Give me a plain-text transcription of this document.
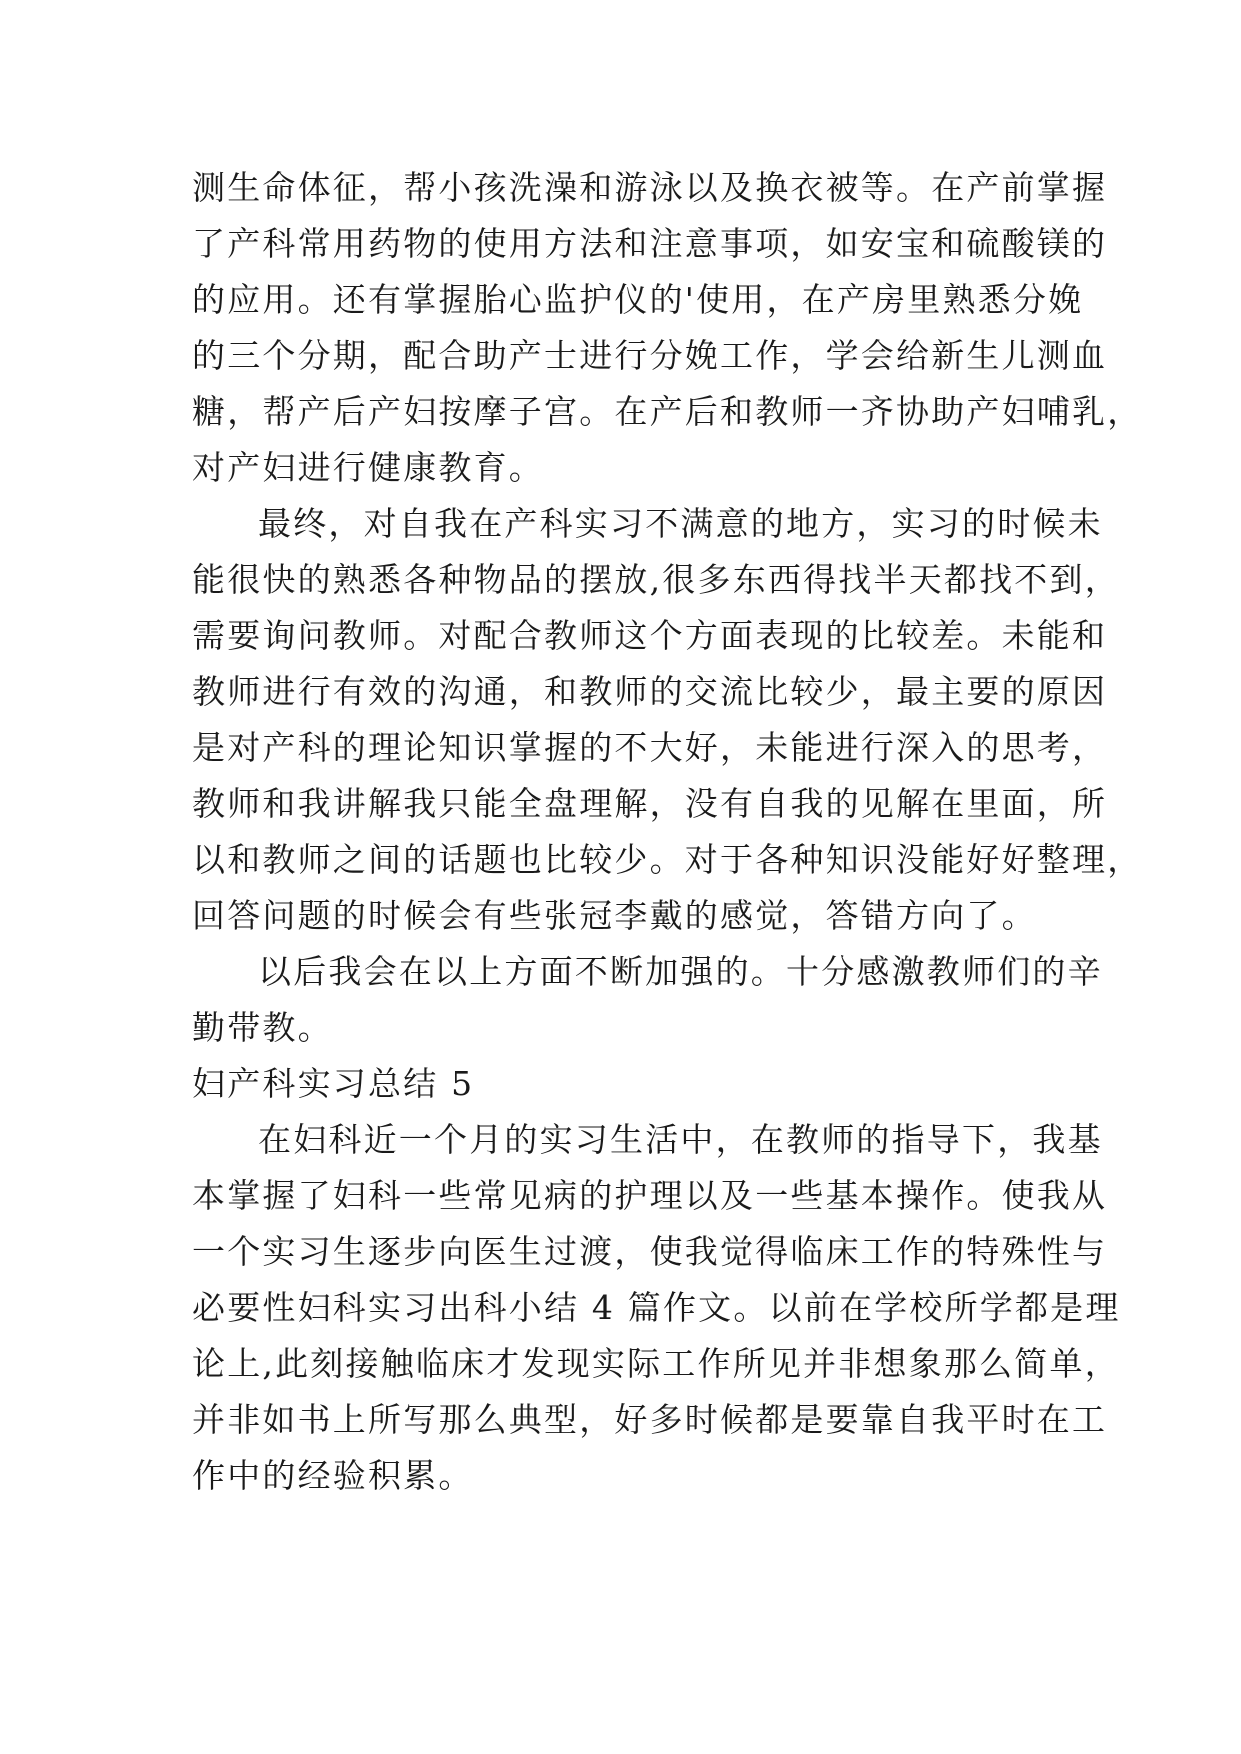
测生命体征，帮小孩洗澡和游泳以及换衣被等。在产前掌握
了产科常用药物的使用方法和注意事项，如安宝和硫酸镁的
的应用。还有掌握胎心监护仪的'使用，在产房里熟悉分娩
的三个分期，配合助产士进行分娩工作，学会给新生儿测血
糖，帮产后产妇按摩子宫。在产后和教师一齐协助产妇哺乳，
对产妇进行健康教育。
最终，对自我在产科实习不满意的地方，实习的时候未
能很快的熟悉各种物品的摆放,很多东西得找半天都找不到，
需要询问教师。对配合教师这个方面表现的比较差。未能和
教师进行有效的沟通，和教师的交流比较少，最主要的原因
是对产科的理论知识掌握的不大好，未能进行深入的思考，
教师和我讲解我只能全盘理解，没有自我的见解在里面，所
以和教师之间的话题也比较少。对于各种知识没能好好整理，
回答问题的时候会有些张冠李戴的感觉，答错方向了。
以后我会在以上方面不断加强的。十分感激教师们的辛
勤带教。
妇产科实习总结 5
在妇科近一个月的实习生活中，在教师的指导下，我基
本掌握了妇科一些常见病的护理以及一些基本操作。使我从
一个实习生逐步向医生过渡，使我觉得临床工作的特殊性与
必要性妇科实习出科小结 4 篇作文。以前在学校所学都是理
论上,此刻接触临床才发现实际工作所见并非想象那么简单，
并非如书上所写那么典型，好多时候都是要靠自我平时在工
作中的经验积累。
